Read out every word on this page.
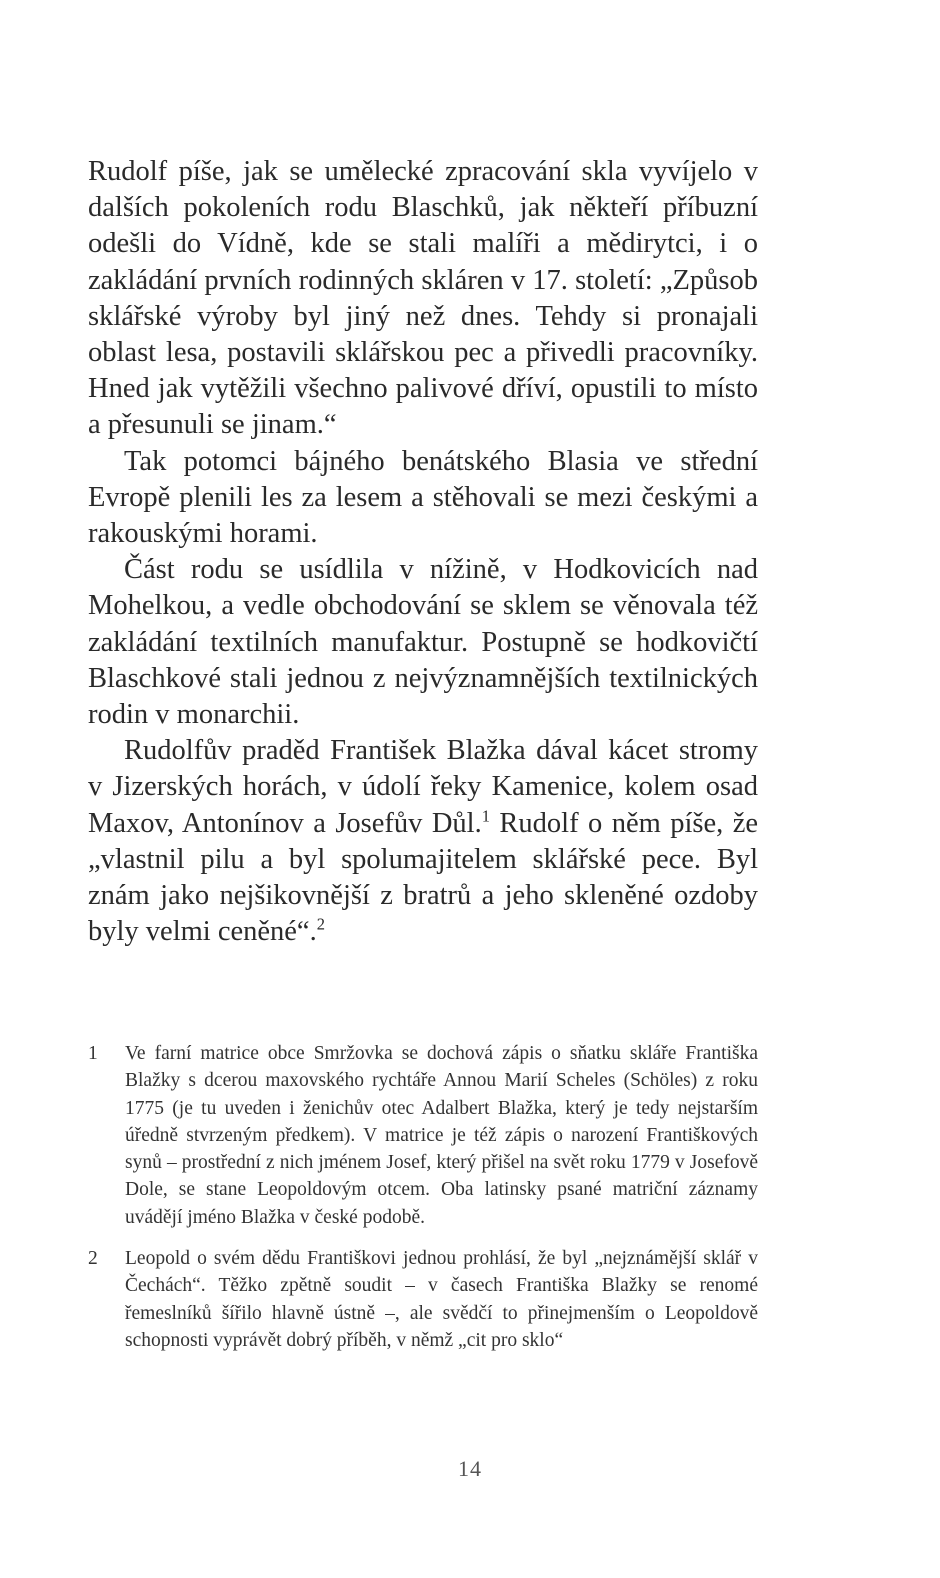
Rudolf píše, jak se umělecké zpracování skla vyvíjelo v dalších pokoleních rodu Blaschků, jak někteří příbuzní odešli do Vídně, kde se stali malíři a mědirytci, i o zakládání prvních rodinných skláren v 17. století: „Způsob sklářské výroby byl jiný než dnes. Tehdy si pronajali oblast lesa, postavili sklářskou pec a přivedli pracovníky. Hned jak vytěžili všechno palivové dříví, opustili to místo a přesunuli se jinam.“

Tak potomci bájného benátského Blasia ve střední Evropě plenili les za lesem a stěhovali se mezi českými a rakouskými horami.

Část rodu se usídlila v nížině, v Hodkovicích nad Mohelkou, a vedle obchodování se sklem se věnovala též zakládání textilních manufaktur. Postupně se hodkovičtí Blaschkové stali jednou z nejvýznamnějších textilnických rodin v monarchii.

Rudolfův praděd František Blažka dával kácet stromy v Jizerských horách, v údolí řeky Kamenice, kolem osad Maxov, Antonínov a Josefův Důl.$^1$ Rudolf o něm píše, že „vlastnil pilu a byl spolumajitelem sklářské pece. Byl znám jako nejšikovnější z bratrů a jeho skleněné ozdoby byly velmi ceněné“.$^2$

1 Ve farní matrice obce Smržovka se dochová zápis o sňatku skláře Františka Blažky s dcerou maxovského rychtáře Annou Marií Scheles (Schöles) z roku 1775 (je tu uveden i ženichův otec Adalbert Blažka, který je tedy nejstarším úředně stvrzeným předkem). V matrice je též zápis o narození Františkových synů – prostřední z nich jménem Josef, který přišel na svět roku 1779 v Josefově Dole, se stane Leopoldovým otcem. Oba latinsky psané matriční záznamy uvádějí jméno Blažka v české podobě.
2 Leopold o svém dědu Františkovi jednou prohlásí, že byl „nejznámější sklář v Čechách“. Těžko zpětně soudit – v časech Františka Blažky se renomé řemeslníků šířilo hlavně ústně –, ale svědčí to přinejmenším o Leopoldově schopnosti vyprávět dobrý příběh, v němž „cit pro sklo“
14
